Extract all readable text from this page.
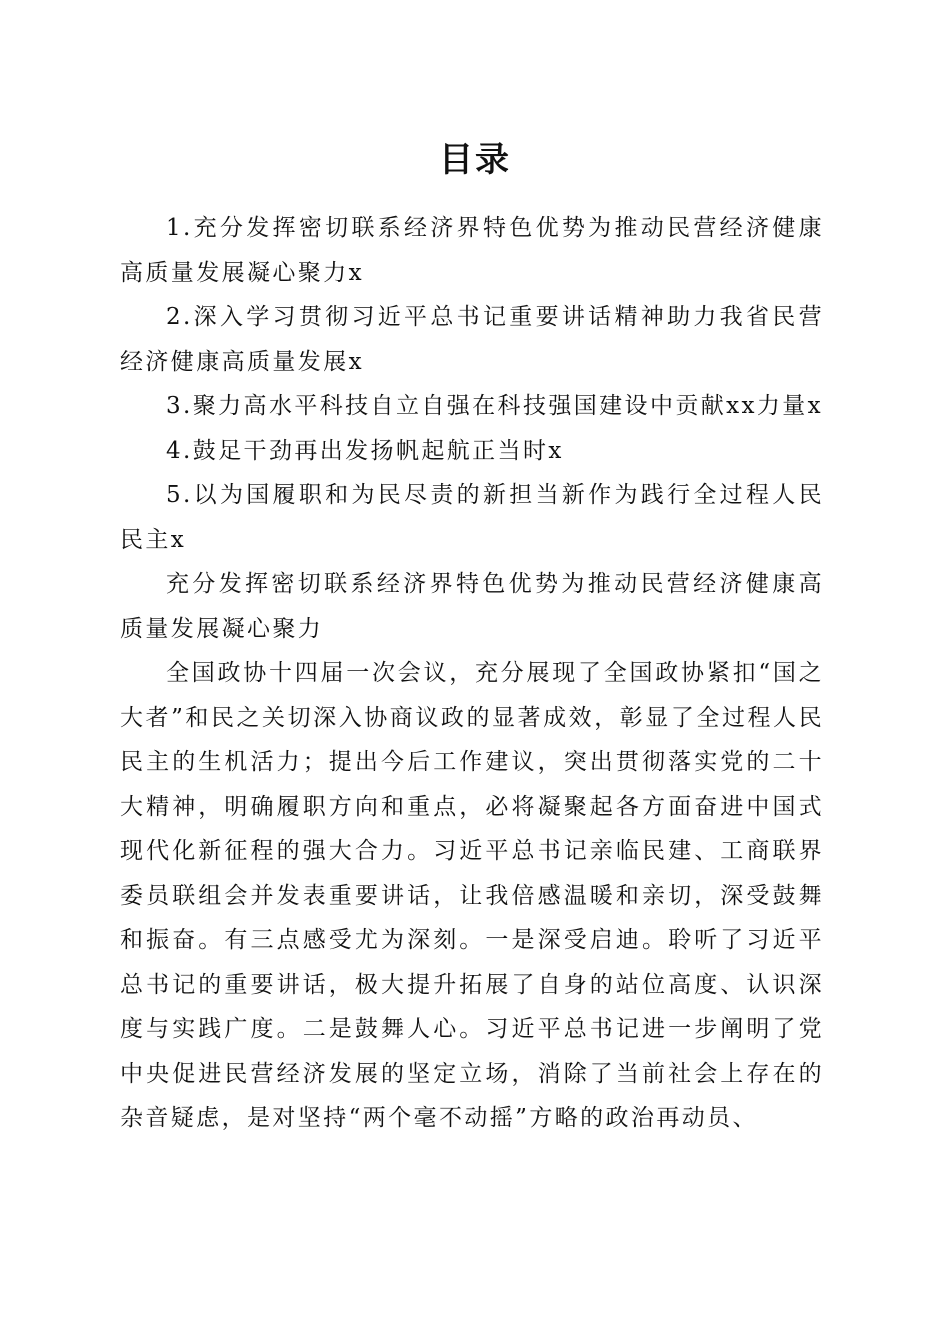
目录

1.充分发挥密切联系经济界特色优势为推动民营经济健康高质量发展凝心聚力x

2.深入学习贯彻习近平总书记重要讲话精神助力我省民营经济健康高质量发展x

3.聚力高水平科技自立自强在科技强国建设中贡献xx力量x

4.鼓足干劲再出发扬帆起航正当时x

5.以为国履职和为民尽责的新担当新作为践行全过程人民民主x

充分发挥密切联系经济界特色优势为推动民营经济健康高质量发展凝心聚力

全国政协十四届一次会议，充分展现了全国政协紧扣“国之大者”和民之关切深入协商议政的显著成效，彰显了全过程人民民主的生机活力；提出今后工作建议，突出贯彻落实党的二十大精神，明确履职方向和重点，必将凝聚起各方面奋进中国式现代化新征程的强大合力。习近平总书记亲临民建、工商联界委员联组会并发表重要讲话，让我倍感温暖和亲切，深受鼓舞和振奋。有三点感受尤为深刻。一是深受启迪。聆听了习近平总书记的重要讲话，极大提升拓展了自身的站位高度、认识深度与实践广度。二是鼓舞人心。习近平总书记进一步阐明了党中央促进民营经济发展的坚定立场，消除了当前社会上存在的杂音疑虑，是对坚持“两个毫不动摇”方略的政治再动员、
